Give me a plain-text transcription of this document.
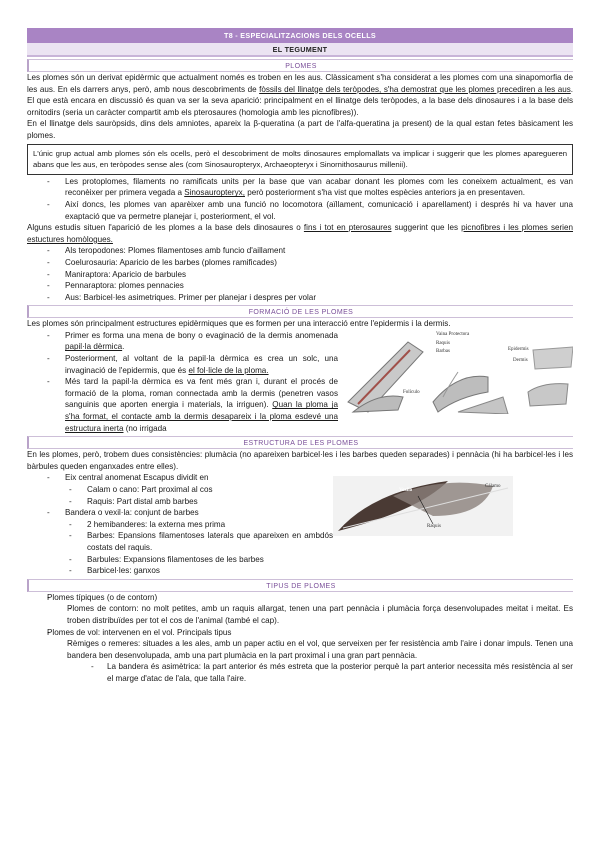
T8 - ESPECIALITZACIONS DELS OCELLS
EL TEGUMENT
PLOMES

Les plomes són un derivat epidèrmic que actualment només es troben en les aus. Clàssicament s'ha considerat a les plomes com una sinapomorfia de les aus. En els darrers anys, però, amb nous descobriments de fòssils del llinatge dels teròpodes, s'ha demostrat que les plomes precediren a les aus. El que està encara en discussió és quan va ser la seva aparició: principalment en el llinatge dels teròpodes, a la base dels dinosaures i a la base dels ornitodirs (seria un caràcter compartit amb els pterosaures (homologia amb les picnofibres)).

En el llinatge dels sauròpsids, dins dels amniotes, apareix la β-queratina (a part de l'alfa-queratina ja present) de la qual estan fetes bàsicament les plomes.

L'únic grup actual amb plomes són els ocells, però el descobriment de molts dinosaures emplomallats va implicar i suggerir que les plomes aparegueren abans que les aus, en teròpodes sense ales (com Sinosauropteryx, Archaeopteryx i Sinornithosaurus millenii).

- Les protoplomes, filaments no ramificats units per la base que van acabar donant les plomes com les coneixem actualment, es van reconèixer per primera vegada a Sinosauropteryx, però posteriorment s'ha vist que moltes espècies anteriors ja en presentaven.
- Així doncs, les plomes van aparèixer amb una funció no locomotora (aïllament, comunicació i aparellament) i després hi va haver una exaptació que va permetre planejar i, posteriorment, el vol.

Alguns estudis situen l'aparició de les plomes a la base dels dinosaures o fins i tot en pterosaures suggerint que les picnofibres i les plomes serien estuctures homòlogues.

- Als teropodones: Plomes filamentoses amb funcio d'aillament
- Coelurosauria: Aparicio de les barbes (plomes ramificades)
- Maniraptora: Aparicio de barbules
- Pennaraptora: plomes pennacies
- Aus: Barbicel·les asimetriques. Primer per planejar i despres per volar
FORMACIÓ DE LES PLOMES

Les plomes són principalment estructures epidèrmiques que es formen per una interacció entre l'epidermis i la dermis.

Vaina Protectora
Raquis
Barbas
Folículo
Epidermis
Dermis
- Primer es forma una mena de bony o evaginació de la dermis anomenada papil·la dèrmica.
- Posteriorment, al voltant de la papil·la dèrmica es crea un solc, una invaginació de l'epidermis, que és el fol·licle de la ploma.
- Més tard la papil·la dèrmica es va fent més gran i, durant el procés de formació de la ploma, roman connectada amb la dermis (penetren vasos sanguinis que aporten energia i materials, la irriguen). Quan la ploma ja s'ha format, el contacte amb la dermis desapareix i la ploma esdevé una estructura inerta (no irrigada
ESTRUCTURA DE LES PLOMES

En les plomes, però, trobem dues consistències: plumàcia (no apareixen barbicel·les i les barbes queden separades) i pennàcia (hi ha barbicel·les i les bàrbules queden enganxades entre elles).

Vexilo
Cálamo
Raquis
- Eix central anomenat Escapus dividit en
- Calam o cano: Part proximal al cos
- Raquis: Part distal amb barbes
- Bandera o vexil·la: conjunt de barbes
- 2 hemibanderes: la externa mes prima
- Barbes: Epansions filamentoses laterals que apareixen en ambdós costats del raquis.
- Barbules: Expansions filamentoses de les barbes
- Barbicel·les: ganxos
TIPUS DE PLOMES
- Plomes típiques (o de contorn)
- Plomes de contorn: no molt petites, amb un raquis allargat, tenen una part pennàcia i plumàcia força desenvolupades meitat i meitat. Es troben distribuïdes per tot el cos de l'animal (també el cap).
- Plomes de vol: intervenen en el vol. Principals tipus
- Rèmiges o remeres: situades a les ales, amb un paper actiu en el vol, que serveixen per fer resistència amb l'aire i donar impuls. Tenen una bandera ben desenvolupada, amb una part plumàcia en la part proximal i una gran part pennàcia.
- La bandera és asimètrica: la part anterior és més estreta que la posterior perquè la part anterior necessita més resistència al ser el marge d'atac de l'ala, que talla l'aire.
